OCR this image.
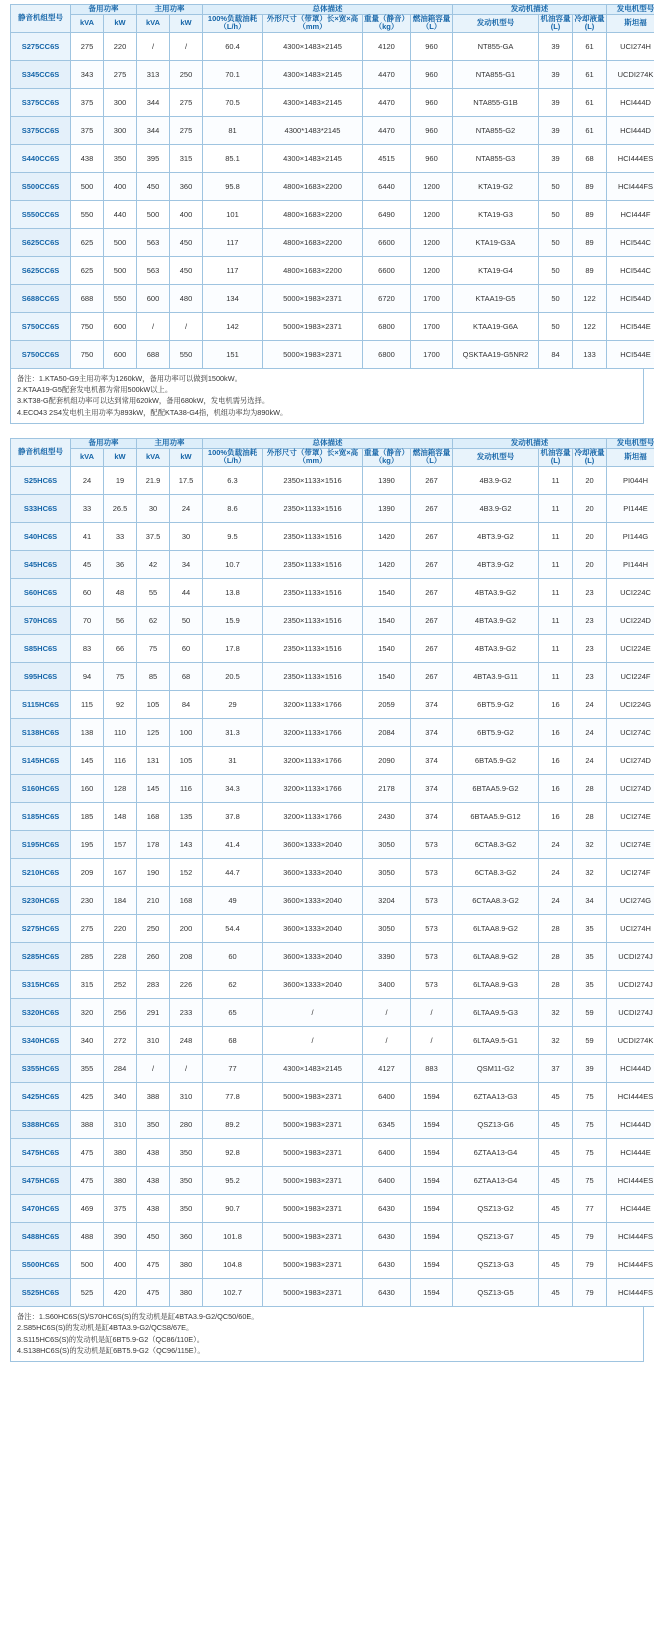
静音机组型号	备用功率		主用功率		总体描述				发动机描述			发电机型号
	kVA	kW	kVA	kW	100%负载油耗（L/h）	外形尺寸（带罩）长×宽×高（mm）	重量（静音）（kg）	燃油箱容量（L）	发动机型号	机油容量(L)	冷却液量(L)	斯坦福

S275CC6S	275	220	/	/	60.4	4300×1483×2145	4120	960	NT855-GA	39	61	UCI274H
S345CC6S	343	275	313	250	70.1	4300×1483×2145	4470	960	NTA855-G1	39	61	UCDI274K
S375CC6S	375	300	344	275	70.5	4300×1483×2145	4470	960	NTA855-G1B	39	61	HCI444D
S375CC6S	375	300	344	275	81	4300*1483*2145	4470	960	NTA855-G2	39	61	HCI444D
S440CC6S	438	350	395	315	85.1	4300×1483×2145	4515	960	NTA855-G3	39	68	HCI444ES
S500CC6S	500	400	450	360	95.8	4800×1683×2200	6440	1200	KTA19-G2	50	89	HCI444FS
S550CC6S	550	440	500	400	101	4800×1683×2200	6490	1200	KTA19-G3	50	89	HCI444F
S625CC6S	625	500	563	450	117	4800×1683×2200	6600	1200	KTA19-G3A	50	89	HCI544C
S625CC6S	625	500	563	450	117	4800×1683×2200	6600	1200	KTA19-G4	50	89	HCI544C
S688CC6S	688	550	600	480	134	5000×1983×2371	6720	1700	KTAA19-G5	50	122	HCI544D
S750CC6S	750	600	/	/	142	5000×1983×2371	6800	1700	KTAA19-G6A	50	122	HCI544E
S750CC6S	750	600	688	550	151	5000×1983×2371	6800	1700	QSKTAA19-G5NR2	84	133	HCI544E
备注：1.KTA50-G9主用功率为1260kW，备用功率可以做到1500kW。
2.KTAA19-G5配套发电机都为常用500kW以上。
3.KT38-G配套机组功率可以达到常用620kW，备用680kW，发电机需另选择。
4.ECO43 2S4发电机主用功率为893kW，配配KTA38-G4指，机组功率均为890kW。
静音机组型号	备用功率		主用功率		总体描述				发动机描述			发电机型号
	kVA	kW	kVA	kW	100%负载油耗（L/h）	外形尺寸（带罩）长×宽×高（mm）	重量（静音）（kg）	燃油箱容量（L）	发动机型号	机油容量(L)	冷却液量(L)	斯坦福

S25HC6S	24	19	21.9	17.5	6.3	2350×1133×1516	1390	267	4B3.9-G2	11	20	PI044H
S33HC6S	33	26.5	30	24	8.6	2350×1133×1516	1390	267	4B3.9-G2	11	20	PI144E
S40HC6S	41	33	37.5	30	9.5	2350×1133×1516	1420	267	4BT3.9-G2	11	20	PI144G
S45HC6S	45	36	42	34	10.7	2350×1133×1516	1420	267	4BT3.9-G2	11	20	PI144H
S60HC6S	60	48	55	44	13.8	2350×1133×1516	1540	267	4BTA3.9-G2	11	23	UCI224C
S70HC6S	70	56	62	50	15.9	2350×1133×1516	1540	267	4BTA3.9-G2	11	23	UCI224D
S85HC6S	83	66	75	60	17.8	2350×1133×1516	1540	267	4BTA3.9-G2	11	23	UCI224E
S95HC6S	94	75	85	68	20.5	2350×1133×1516	1540	267	4BTA3.9-G11	11	23	UCI224F
S115HC6S	115	92	105	84	29	3200×1133×1766	2059	374	6BT5.9-G2	16	24	UCI224G
S138HC6S	138	110	125	100	31.3	3200×1133×1766	2084	374	6BT5.9-G2	16	24	UCI274C
S145HC6S	145	116	131	105	31	3200×1133×1766	2090	374	6BTA5.9-G2	16	24	UCI274D
S160HC6S	160	128	145	116	34.3	3200×1133×1766	2178	374	6BTAA5.9-G2	16	28	UCI274D
S185HC6S	185	148	168	135	37.8	3200×1133×1766	2430	374	6BTAA5.9-G12	16	28	UCI274E
S195HC6S	195	157	178	143	41.4	3600×1333×2040	3050	573	6CTA8.3-G2	24	32	UCI274E
S210HC6S	209	167	190	152	44.7	3600×1333×2040	3050	573	6CTA8.3-G2	24	32	UCI274F
S230HC6S	230	184	210	168	49	3600×1333×2040	3204	573	6CTAA8.3-G2	24	34	UCI274G
S275HC6S	275	220	250	200	54.4	3600×1333×2040	3050	573	6LTAA8.9-G2	28	35	UCI274H
S285HC6S	285	228	260	208	60	3600×1333×2040	3390	573	6LTAA8.9-G2	28	35	UCDI274J
S315HC6S	315	252	283	226	62	3600×1333×2040	3400	573	6LTAA8.9-G3	28	35	UCDI274J
S320HC6S	320	256	291	233	65	/	/	/	6LTAA9.5-G3	32	59	UCDI274J
S340HC6S	340	272	310	248	68	/	/	/	6LTAA9.5-G1	32	59	UCDI274K
S355HC6S	355	284	/	/	77	4300×1483×2145	4127	883	QSM11-G2	37	39	HCI444D
S425HC6S	425	340	388	310	77.8	5000×1983×2371	6400	1594	6ZTAA13-G3	45	75	HCI444ES
S388HC6S	388	310	350	280	89.2	5000×1983×2371	6345	1594	QSZ13-G6	45	75	HCI444D
S475HC6S	475	380	438	350	92.8	5000×1983×2371	6400	1594	6ZTAA13-G4	45	75	HCI444E
S475HC6S	475	380	438	350	95.2	5000×1983×2371	6400	1594	6ZTAA13-G4	45	75	HCI444ES
S470HC6S	469	375	438	350	90.7	5000×1983×2371	6430	1594	QSZ13-G2	45	77	HCI444E
S488HC6S	488	390	450	360	101.8	5000×1983×2371	6430	1594	QSZ13-G7	45	79	HCI444FS
S500HC6S	500	400	475	380	104.8	5000×1983×2371	6430	1594	QSZ13-G3	45	79	HCI444FS
S525HC6S	525	420	475	380	102.7	5000×1983×2371	6430	1594	QSZ13-G5	45	79	HCI444FS
备注：1.S60HC6S(S)/S70HC6S(S)的发动机是缸4BTA3.9-G2/QC50/60E。
2.S85HC6S(S)的发动机是缸4BTA3.9-G2/QCS8/67E。
3.S115HC6S(S)的发动机是缸6BT5.9-G2（QC86/110E）。
4.S138HC6S(S)的发动机是缸6BT5.9-G2（QC96/115E）。
